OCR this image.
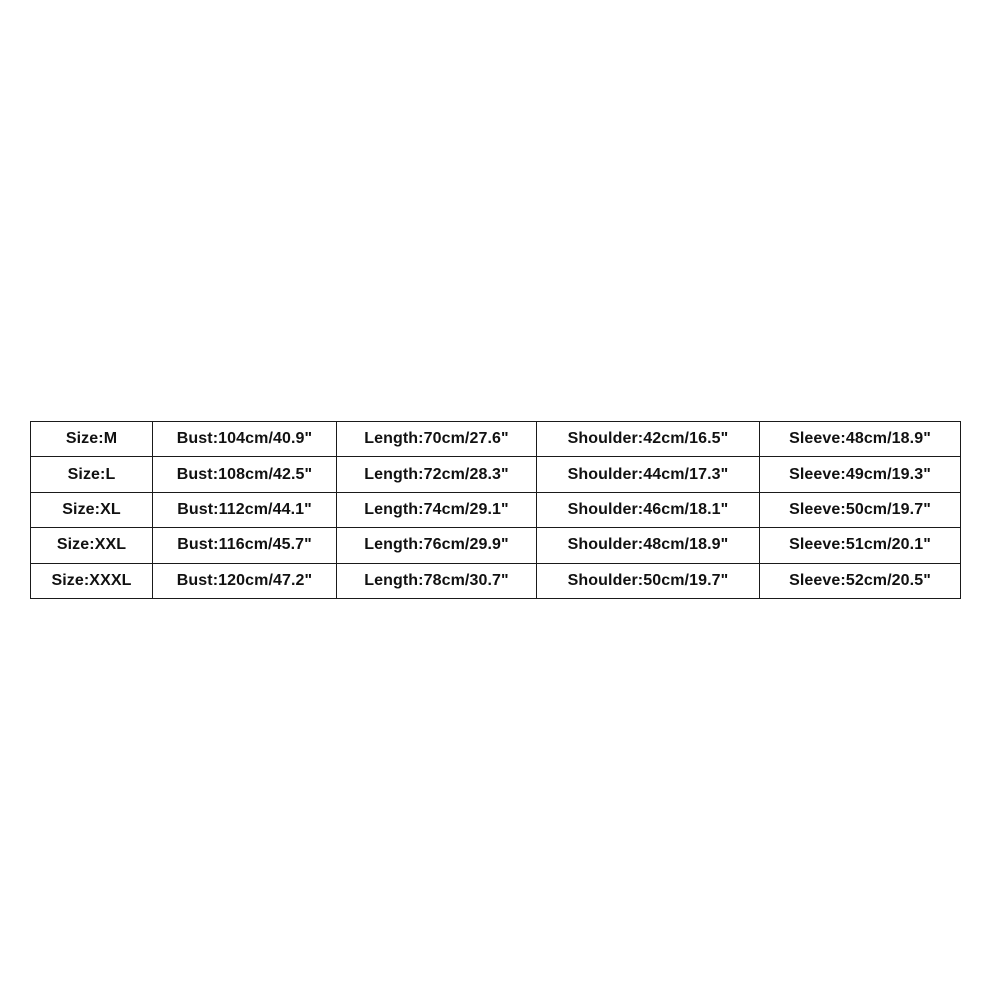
Size:M	Bust:104cm/40.9"	Length:70cm/27.6"	Shoulder:42cm/16.5"	Sleeve:48cm/18.9"
Size:L	Bust:108cm/42.5"	Length:72cm/28.3"	Shoulder:44cm/17.3"	Sleeve:49cm/19.3"
Size:XL	Bust:112cm/44.1"	Length:74cm/29.1"	Shoulder:46cm/18.1"	Sleeve:50cm/19.7"
Size:XXL	Bust:116cm/45.7"	Length:76cm/29.9"	Shoulder:48cm/18.9"	Sleeve:51cm/20.1"
Size:XXXL	Bust:120cm/47.2"	Length:78cm/30.7"	Shoulder:50cm/19.7"	Sleeve:52cm/20.5"
